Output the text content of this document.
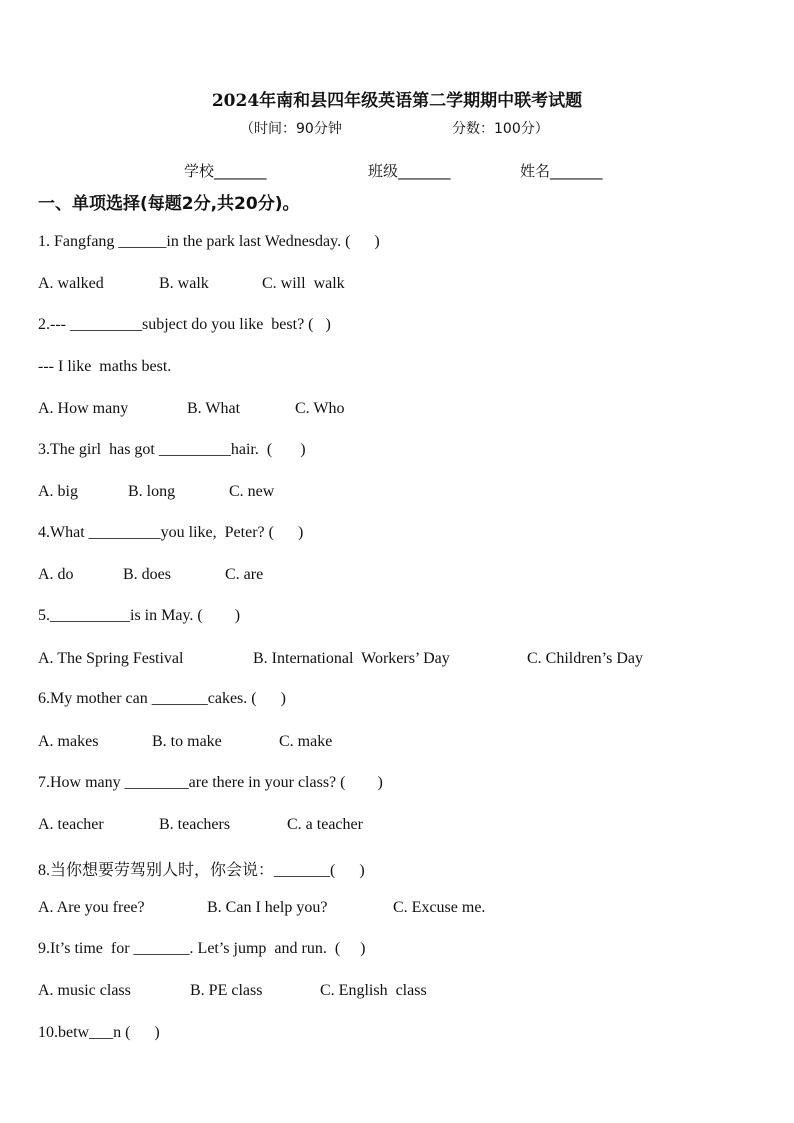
2024年南和县四年级英语第二学期期中联考试题
（时间：90分钟	分数：100分）
学校_______	班级_______	姓名_______
一、单项选择(每题2分,共20分)。
1. Fangfang ______in the park last Wednesday. (      )
A. walked	B. walk	C. will  walk
2.--- _________subject do you like  best? (   )
--- I like  maths best.
A. How many	B. What	C. Who
3.The girl  has got _________hair.  (       )
A. big	B. long	C. new
4.What _________you like,  Peter? (      )
A. do	B. does	C. are
5.__________is in May. (        )
A. The Spring Festival	B. International  Workers’ Day	C. Children’s Day
6.My mother can _______cakes. (      )
A. makes	B. to make	C. make
7.How many ________are there in your class? (        )
A. teacher	B. teachers	C. a teacher
8.当你想要劳驾别人时，你会说：_______(      )
A. Are you free?	B. Can I help you?	C. Excuse me.
9.It’s time  for _______. Let’s jump  and run.  (     )
A. music class	B. PE class	C. English  class
10.betw___n (      )
